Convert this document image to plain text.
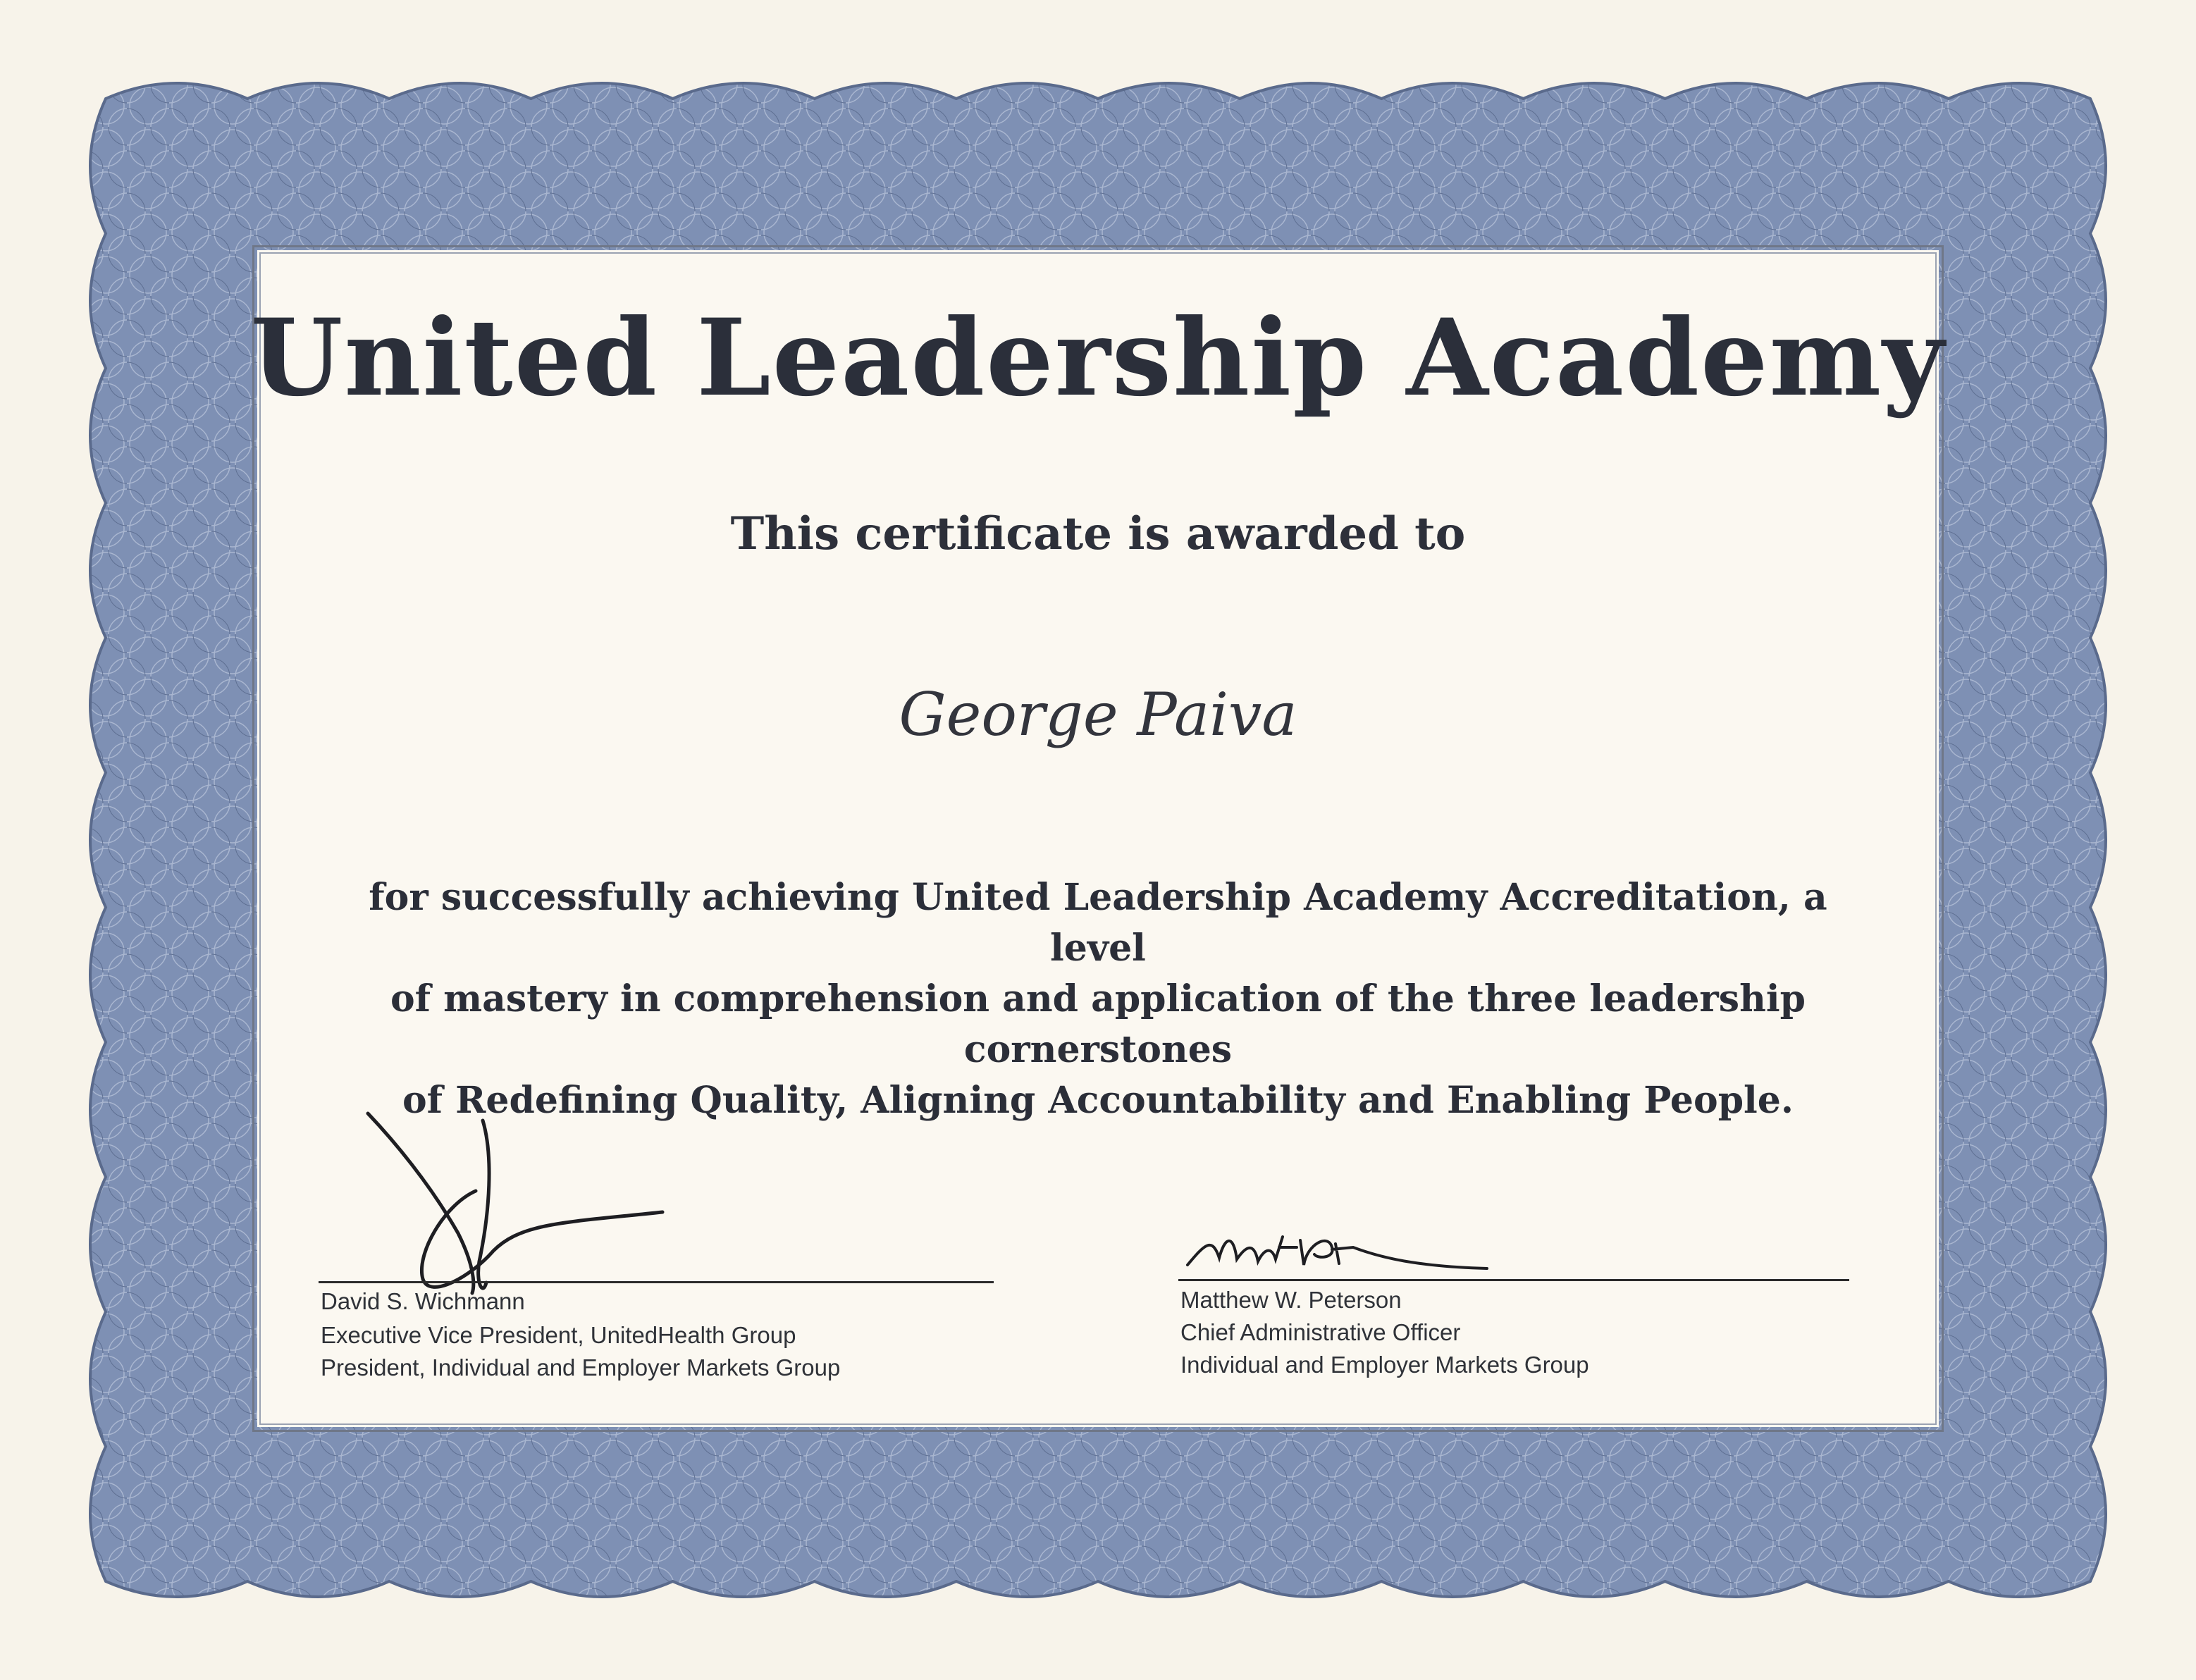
United Leadership Academy
This certificate is awarded to
George Paiva
for successfully achieving United Leadership Academy Accreditation, a level
of mastery in comprehension and application of the three leadership cornerstones
of Redefining Quality, Aligning Accountability and Enabling People.
David S. Wichmann
Executive Vice President, UnitedHealth Group
President, Individual and Employer Markets Group
Matthew W. Peterson
Chief Administrative Officer
Individual and Employer Markets Group
